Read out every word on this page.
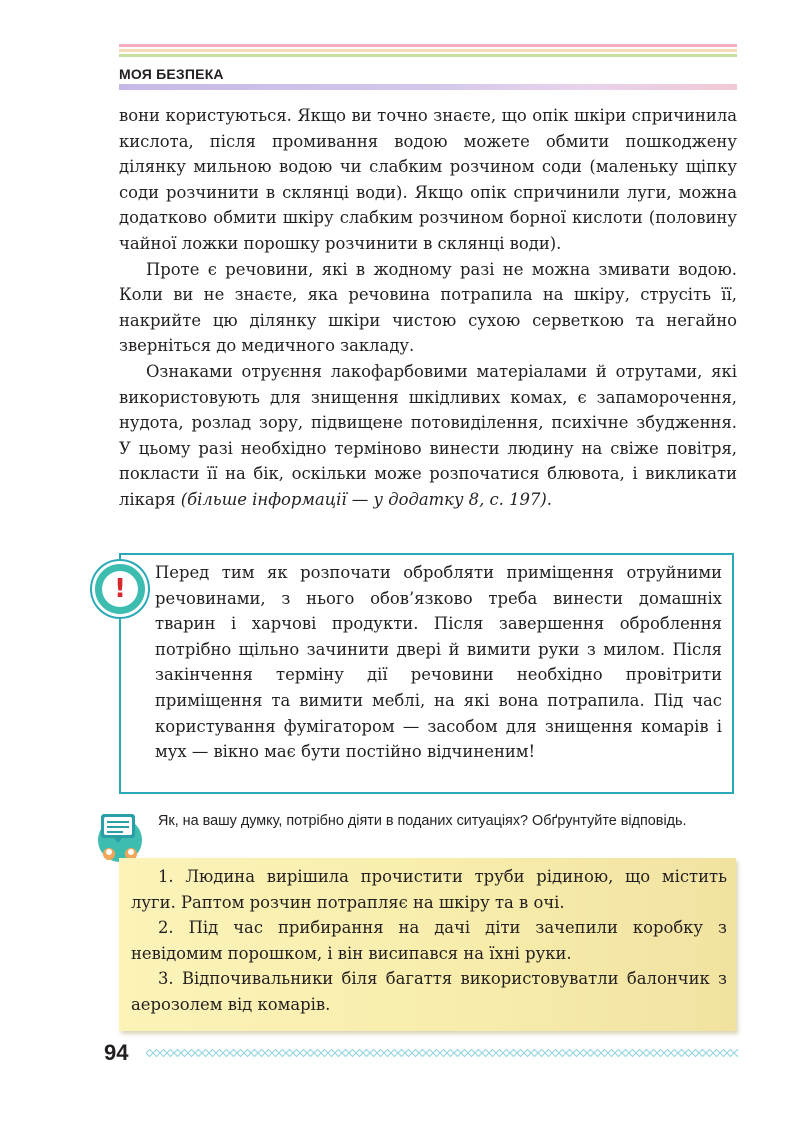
МОЯ БЕЗПЕКА

вони користуються. Якщо ви точно знаєте, що опік шкіри спричинила кислота, після промивання водою можете обмити пошкоджену ділянку мильною водою чи слабким розчином соди (маленьку щіпку соди розчинити в склянці води). Якщо опік спричинили луги, можна додатково обмити шкіру слабким розчином борної кислоти (половину чайної ложки порошку розчинити в склянці води).

Проте є речовини, які в жодному разі не можна змивати водою. Коли ви не знаєте, яка речовина потрапила на шкіру, струсіть її, накрийте цю ділянку шкіри чистою сухою серветкою та негайно зверніться до медичного закладу.

Ознаками отруєння лакофарбовими матеріалами й отрутами, які використовують для знищення шкідливих комах, є запаморочення, нудота, розлад зору, підвищене потовиділення, психічне збудження. У цьому разі необхідно терміново винести людину на свіже повітря, покласти її на бік, оскільки може розпочатися блювота, і викликати лікаря (більше інформації — у додатку 8, с. 197).

!
Перед тим як розпочати обробляти приміщення отруйними речовинами, з нього обов’язково треба винести домашніх тварин і харчові продукти. Після завершення оброблення потрібно щільно зачинити двері й вимити руки з милом. Після закінчення терміну дії речовини необхідно провітрити приміщення та вимити меблі, на які вона потрапила. Під час користування фумігатором — засобом для знищення комарів і мух — вікно має бути постійно відчиненим!
Як, на вашу думку, потрібно діяти в поданих ситуаціях? Обґрунтуйте відповідь.

1. Людина вирішила прочистити труби рідиною, що містить луги. Раптом розчин потрапляє на шкіру та в очі.

2. Під час прибирання на дачі діти зачепили коробку з невідомим порошком, і він висипався на їхні руки.

3. Відпочивальники біля багаття використовуватли балончик з аерозолем від комарів.

94
